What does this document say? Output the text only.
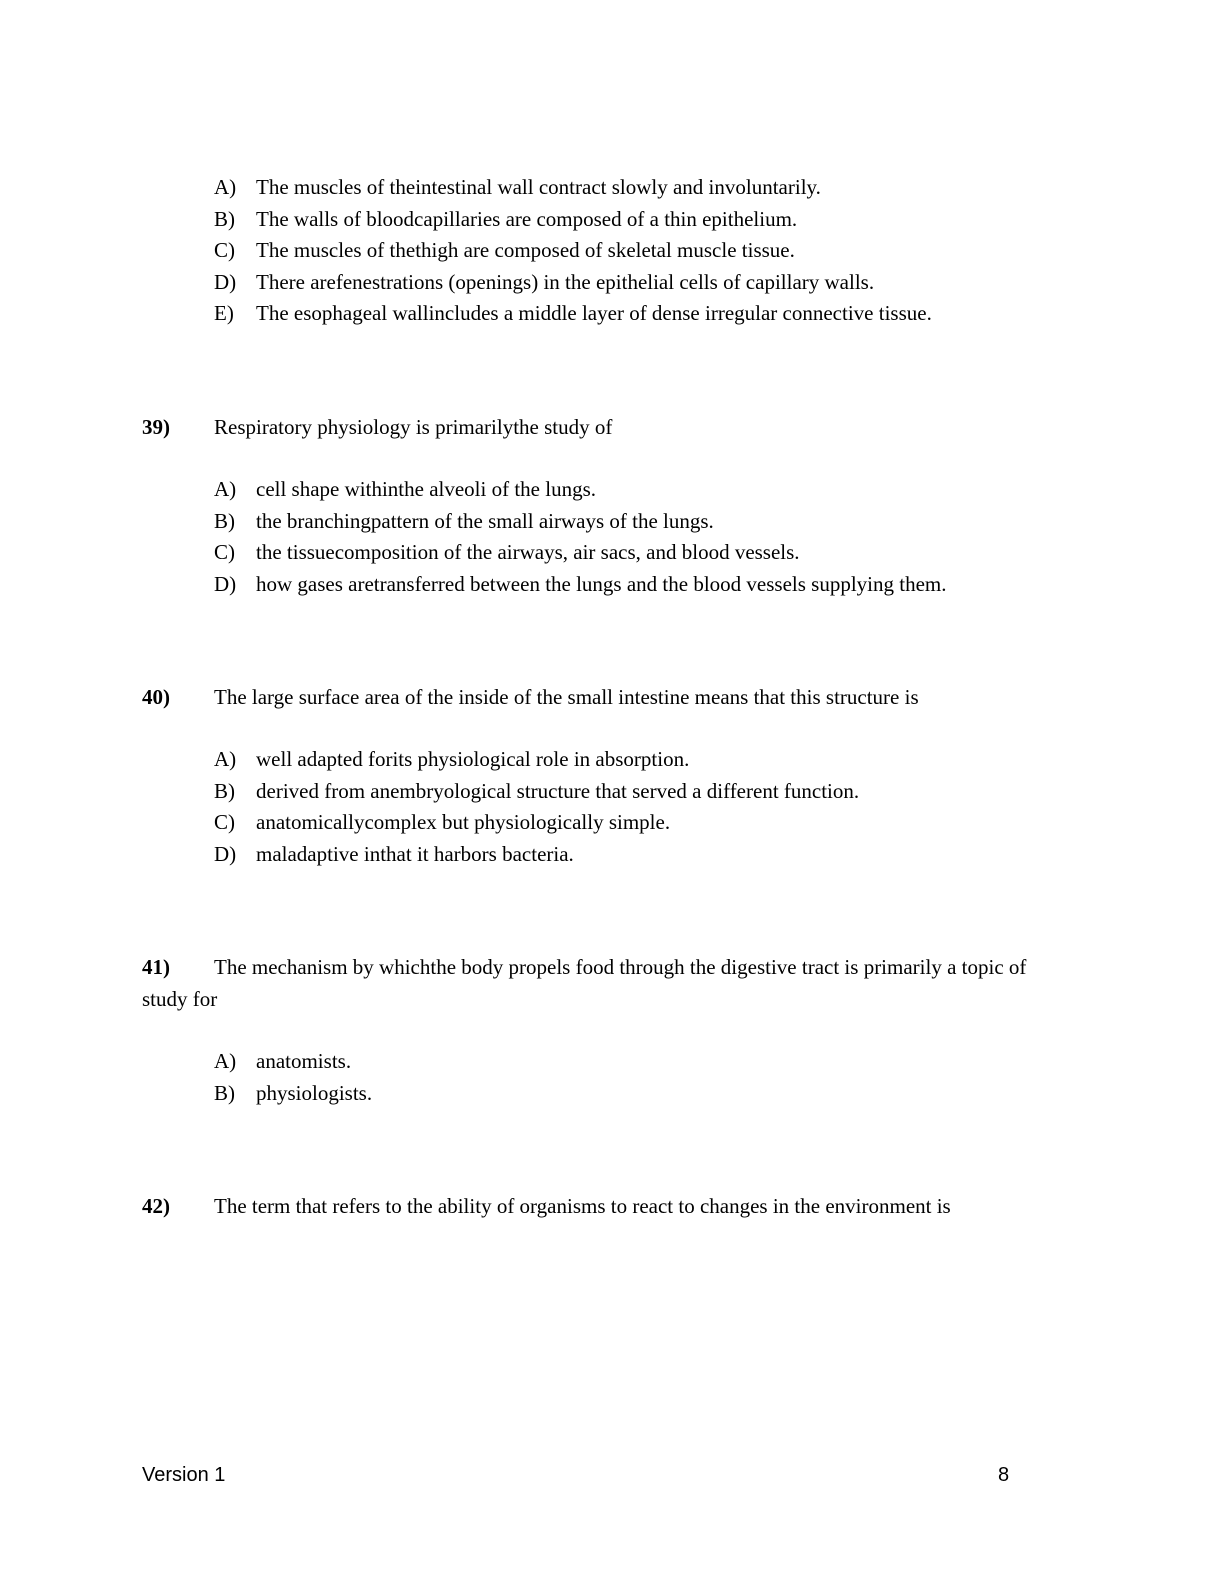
A) The muscles of theintestinal wall contract slowly and involuntarily.
B)	The walls of bloodcapillaries are composed of a thin epithelium.
C)	The muscles of thethigh are composed of skeletal muscle tissue.
D) There arefenestrations (openings) in the epithelial cells of capillary walls.
E)	The esophageal wallincludes a middle layer of dense irregular connective tissue.
39) Respiratory physiology is primarilythe study of
A) cell shape withinthe alveoli of the lungs.
B)	the branchingpattern of the small airways of the lungs.
C)	the tissuecomposition of the airways, air sacs, and blood vessels.
D) how gases aretransferred between the lungs and the blood vessels supplying them.
40) The large surface area of the inside of the small intestine means that this structure is
A) well adapted forits physiological role in absorption.
B)	derived from anembryological structure that served a different function.
C)	anatomicallycomplex but physiologically simple.
D) maladaptive inthat it harbors bacteria.
41) The mechanism by whichthe body propels food through the digestive tract is primarily a topic of study for
A) anatomists.
B)	physiologists.
42) The term that refers to the ability of organisms to react to changes in the environment is
Version 1	8
